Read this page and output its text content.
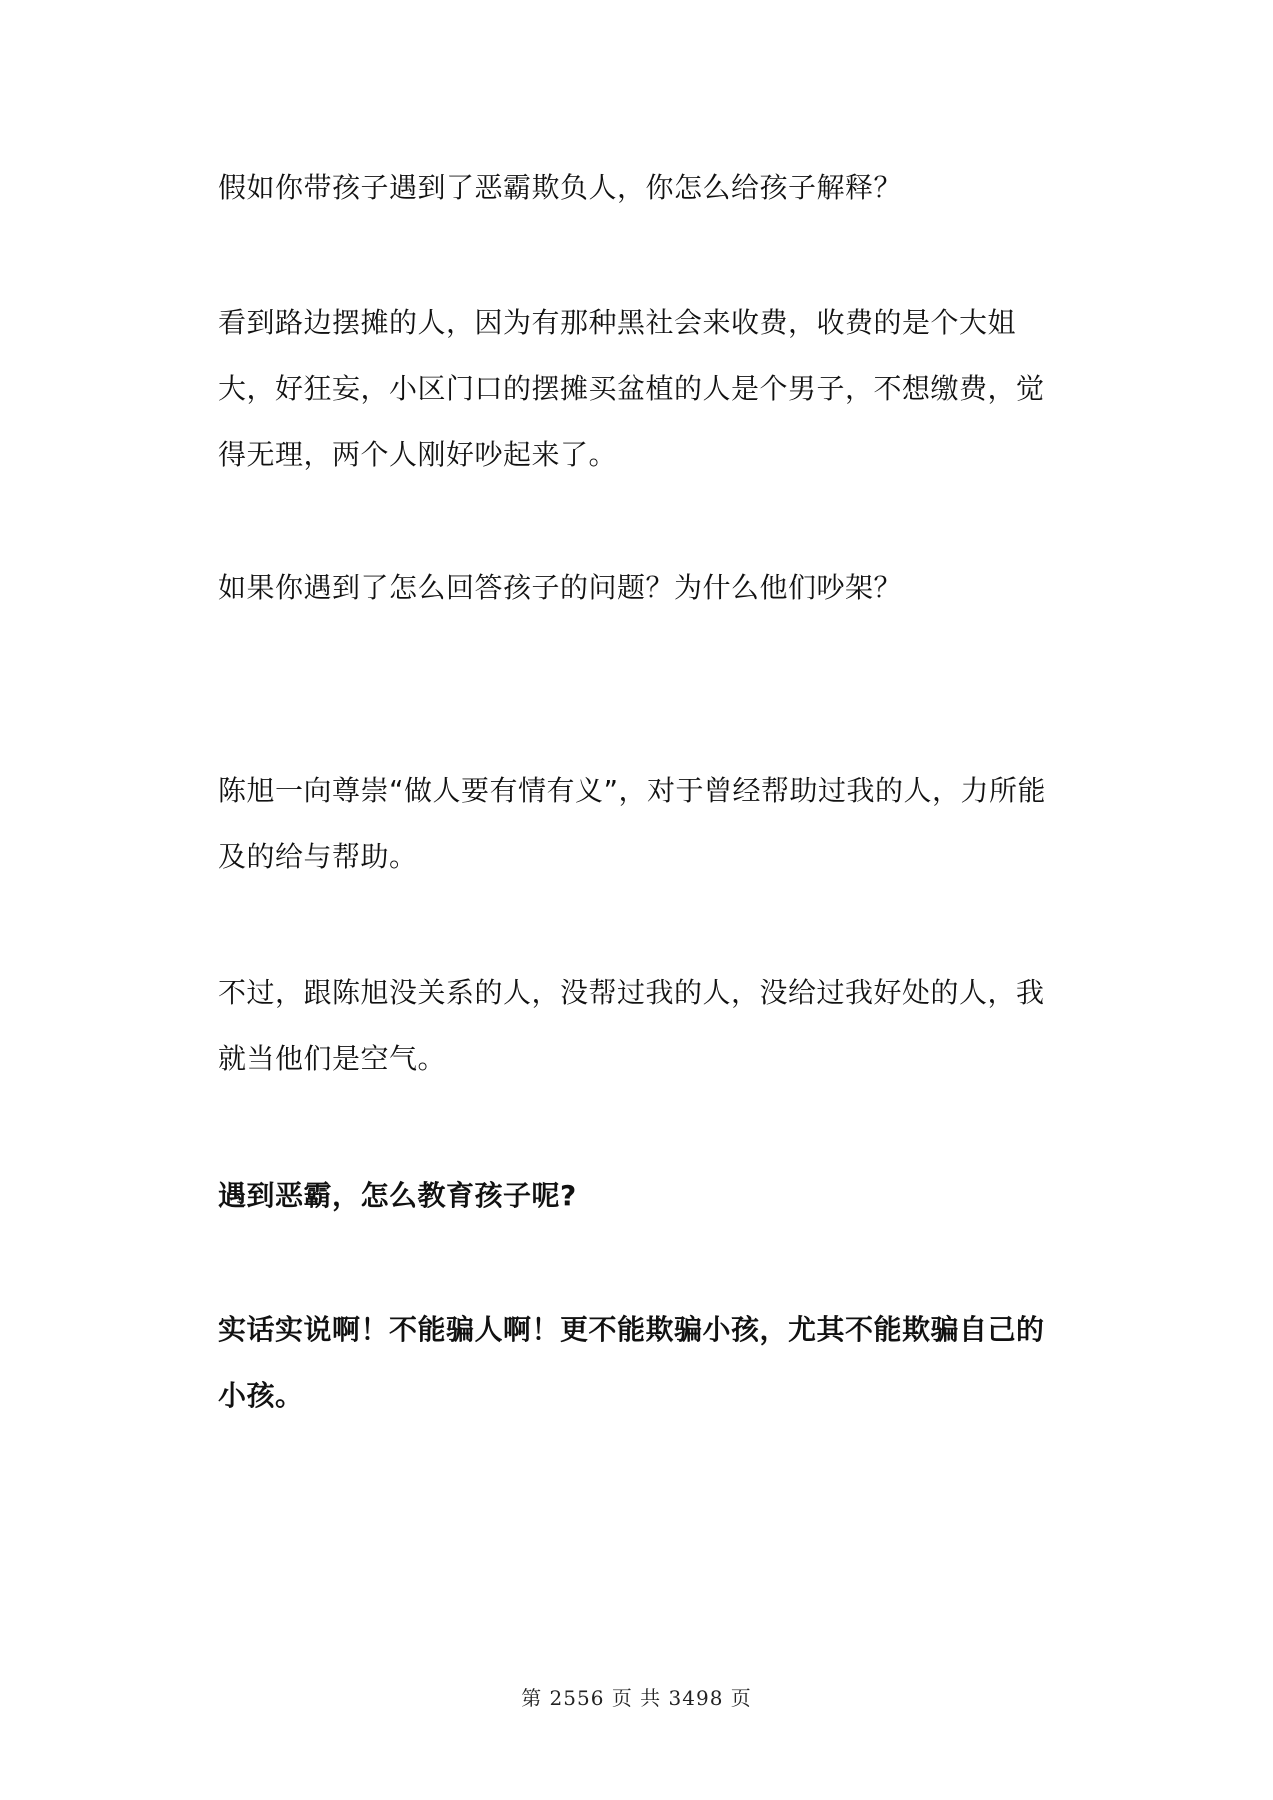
假如你带孩子遇到了恶霸欺负人，你怎么给孩子解释？

看到路边摆摊的人，因为有那种黑社会来收费，收费的是个大姐大，好狂妄，小区门口的摆摊买盆植的人是个男子，不想缴费，觉得无理，两个人刚好吵起来了。

如果你遇到了怎么回答孩子的问题？为什么他们吵架？

陈旭一向尊崇“做人要有情有义”，对于曾经帮助过我的人，力所能及的给与帮助。

不过，跟陈旭没关系的人，没帮过我的人，没给过我好处的人，我就当他们是空气。

遇到恶霸，怎么教育孩子呢?

实话实说啊！不能骗人啊！更不能欺骗小孩，尤其不能欺骗自己的小孩。

第 2556 页 共 3498 页
